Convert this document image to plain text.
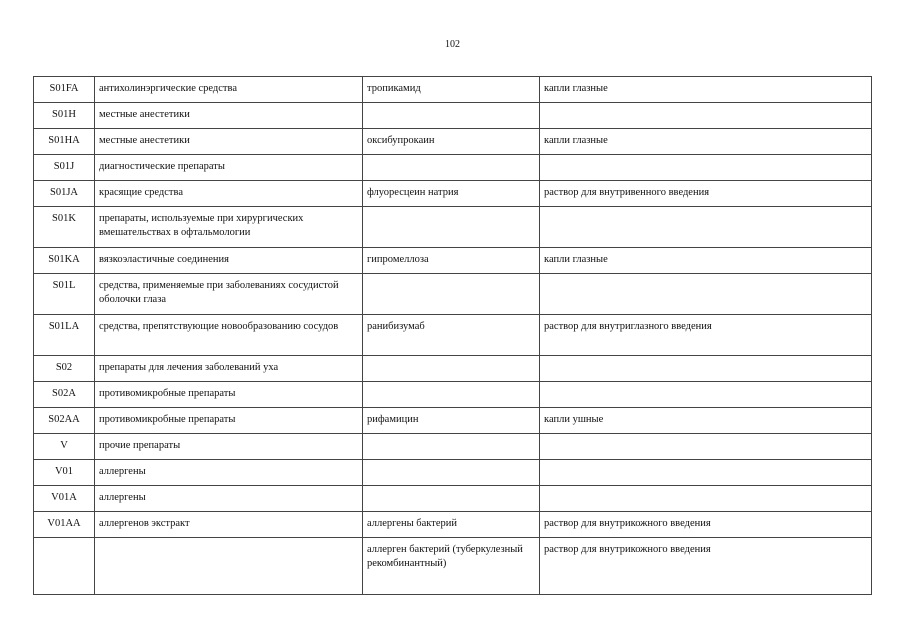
102
S01FA	антихолинэргические средства	тропикамид	капли глазные
S01H	местные анестетики		
S01HA	местные анестетики	оксибупрокаин	капли глазные
S01J	диагностические препараты		
S01JA	красящие средства	флуоресцеин натрия	раствор для внутривенного введения
S01K	препараты, используемые при хирургических вмешательствах в офтальмологии		
S01KA	вязкоэластичные соединения	гипромеллоза	капли глазные
S01L	средства, применяемые при заболеваниях сосудистой оболочки глаза		
S01LA	средства, препятствующие новообразованию сосудов	ранибизумаб	раствор для внутриглазного введения
S02	препараты для лечения заболеваний уха		
S02A	противомикробные препараты		
S02AA	противомикробные препараты	рифамицин	капли ушные
V	прочие препараты		
V01	аллергены		
V01A	аллергены		
V01AA	аллергенов экстракт	аллергены бактерий	раствор для внутрикожного введения
		аллерген бактерий (туберкулезный рекомбинантный)	раствор для внутрикожного введения
